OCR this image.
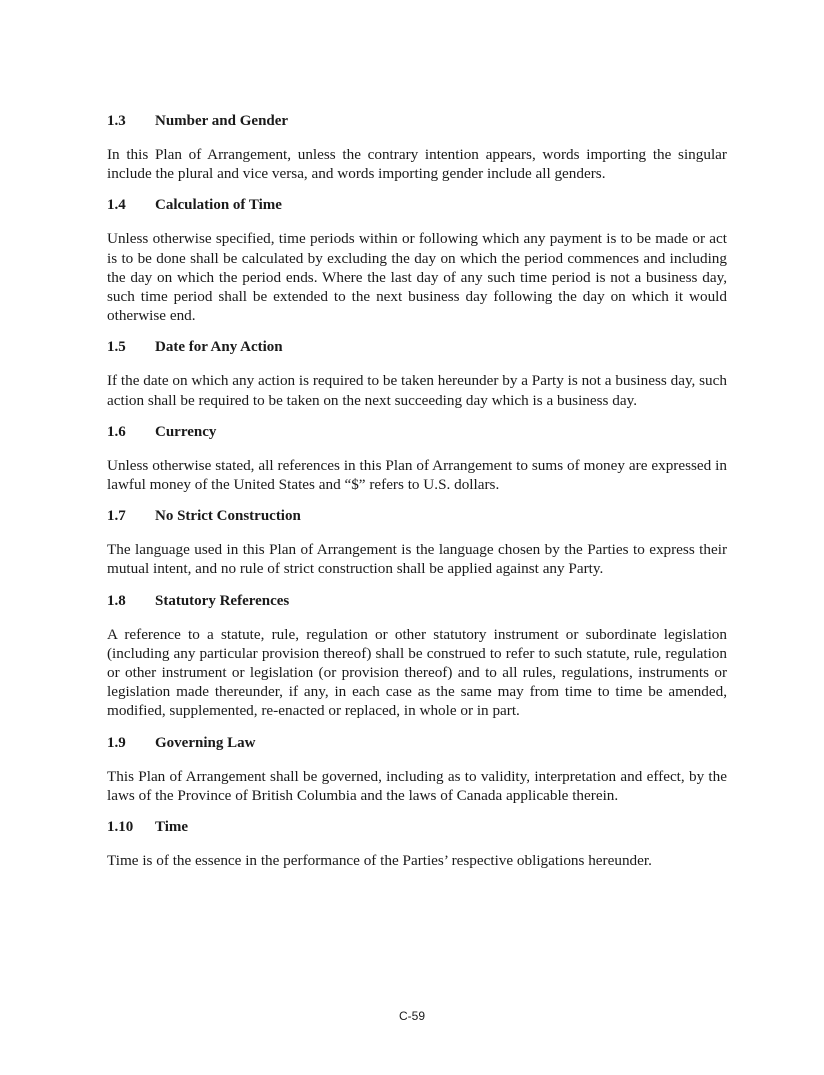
1.3	Number and Gender

In this Plan of Arrangement, unless the contrary intention appears, words importing the singular include the plural and vice versa, and words importing gender include all genders.

1.4	Calculation of Time

Unless otherwise specified, time periods within or following which any payment is to be made or act is to be done shall be calculated by excluding the day on which the period commences and including the day on which the period ends. Where the last day of any such time period is not a business day, such time period shall be extended to the next business day following the day on which it would otherwise end.

1.5	Date for Any Action

If the date on which any action is required to be taken hereunder by a Party is not a business day, such action shall be required to be taken on the next succeeding day which is a business day.

1.6	Currency

Unless otherwise stated, all references in this Plan of Arrangement to sums of money are expressed in lawful money of the United States and “$” refers to U.S. dollars.

1.7	No Strict Construction

The language used in this Plan of Arrangement is the language chosen by the Parties to express their mutual intent, and no rule of strict construction shall be applied against any Party.

1.8	Statutory References

A reference to a statute, rule, regulation or other statutory instrument or subordinate legislation (including any particular provision thereof) shall be construed to refer to such statute, rule, regulation or other instrument or legislation (or provision thereof) and to all rules, regulations, instruments or legislation made thereunder, if any, in each case as the same may from time to time be amended, modified, supplemented, re-enacted or replaced, in whole or in part.

1.9	Governing Law

This Plan of Arrangement shall be governed, including as to validity, interpretation and effect, by the laws of the Province of British Columbia and the laws of Canada applicable therein.

1.10	Time

Time is of the essence in the performance of the Parties’ respective obligations hereunder.

C-59
